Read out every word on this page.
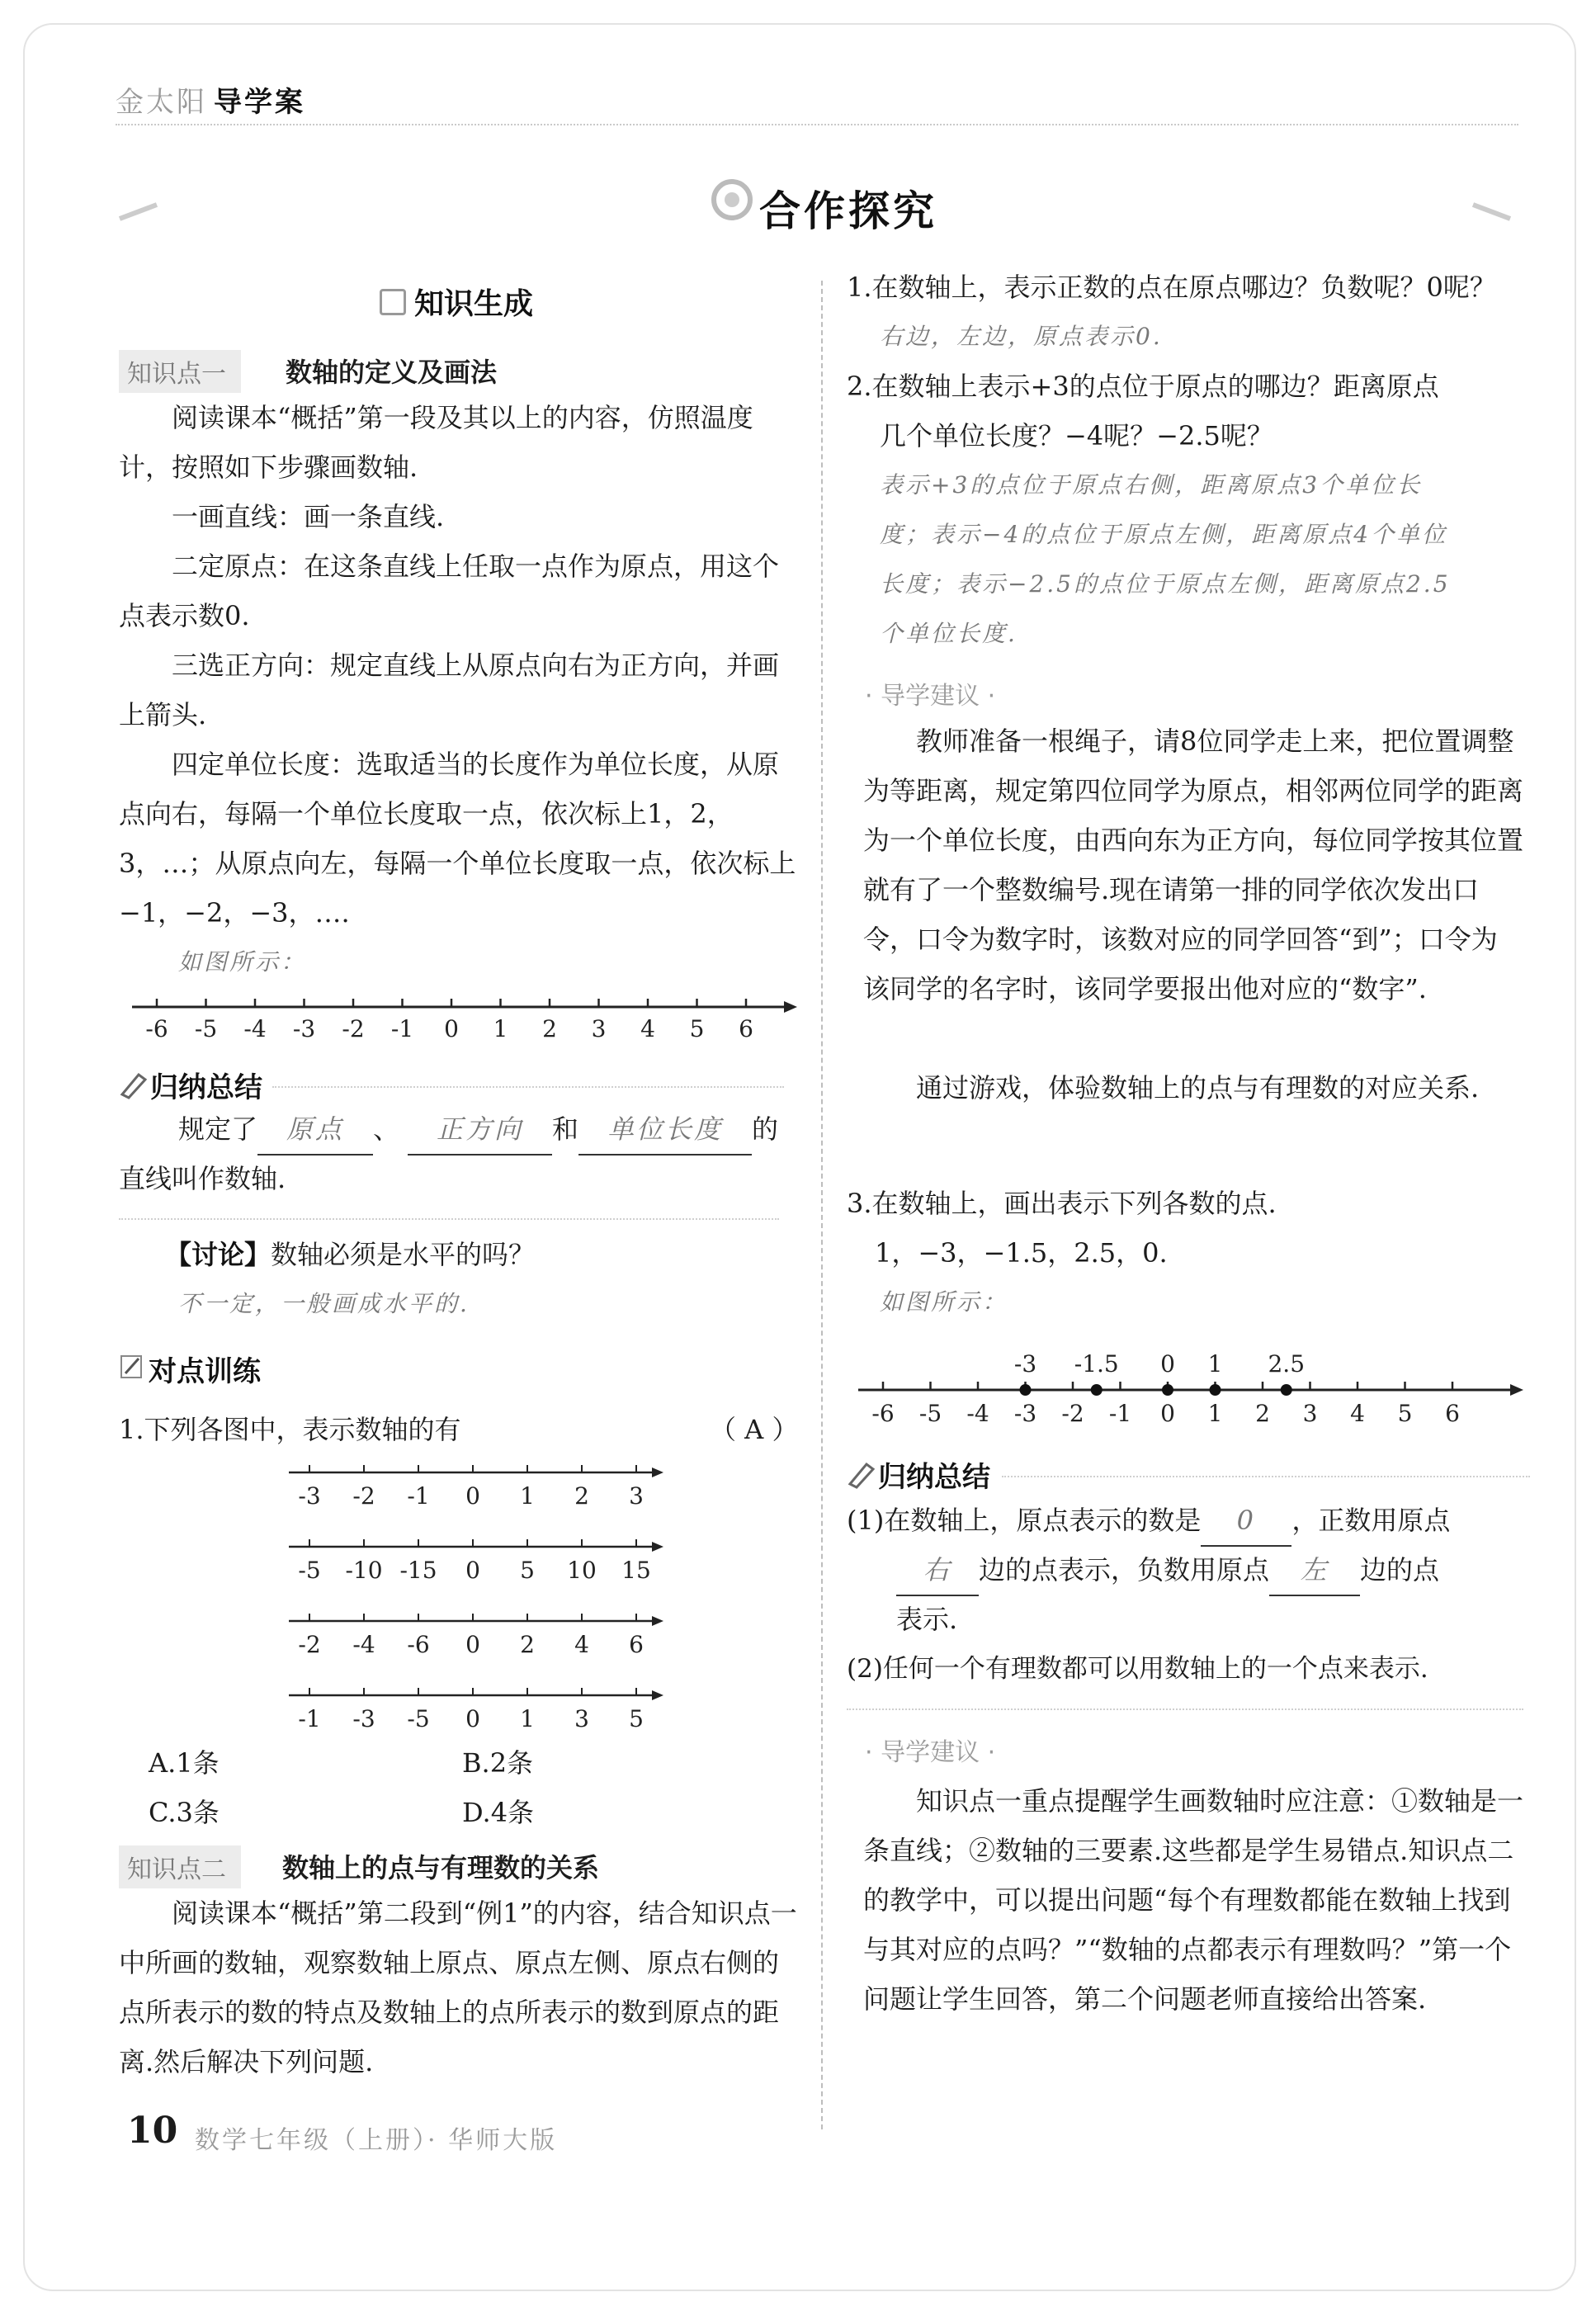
金太阳 导学案
合作探究
知识生成
知识点一	数轴的定义及画法
阅读课本“概括”第一段及其以上的内容，仿照温度计，按照如下步骤画数轴.
一画直线：画一条直线.
二定原点：在这条直线上任取一点作为原点，用这个点表示数0.
三选正方向：规定直线上从原点向右为正方向，并画上箭头.
四定单位长度：选取适当的长度作为单位长度，从原点向右，每隔一个单位长度取一点，依次标上1，2，3，…；从原点向左，每隔一个单位长度取一点，依次标上−1，−2，−3，….
如图所示：
-6 -5 -4 -3 -2 -1 0 1 2 3 4 5 6
归纳总结
规定了 原点 、 正方向 和 单位长度 的
直线叫作数轴.
【讨论】数轴必须是水平的吗？
不一定，一般画成水平的.
对点训练
1.下列各图中，表示数轴的有	（ A ）
-3 -2 -1 0 1 2 3
-5 -10 -15 0 5 10 15
-2 -4 -6 0 2 4 6
-1 -3 -5 0 1 3 5
A.1条	B.2条
C.3条	D.4条
知识点二	数轴上的点与有理数的关系
阅读课本“概括”第二段到“例1”的内容，结合知识点一中所画的数轴，观察数轴上原点、原点左侧、原点右侧的点所表示的数的特点及数轴上的点所表示的数到原点的距离.然后解决下列问题.
1.在数轴上，表示正数的点在原点哪边？负数呢？0呢？
右边，左边，原点表示0.
2.在数轴上表示+3的点位于原点的哪边？距离原点
几个单位长度？−4呢？−2.5呢？
表示+3的点位于原点右侧，距离原点3个单位长
度；表示−4的点位于原点左侧，距离原点4个单位
长度；表示−2.5的点位于原点左侧，距离原点2.5
个单位长度.
· 导学建议 ·
教师准备一根绳子，请8位同学走上来，把位置调整为等距离，规定第四位同学为原点，相邻两位同学的距离为一个单位长度，由西向东为正方向，每位同学按其位置就有了一个整数编号.现在请第一排的同学依次发出口令，口令为数字时，该数对应的同学回答“到”；口令为该同学的名字时，该同学要报出他对应的“数字”.
通过游戏，体验数轴上的点与有理数的对应关系.
3.在数轴上，画出表示下列各数的点.
1，−3，−1.5，2.5，0.
如图所示：
-6 -5 -4 -3 -2 -1 0 1 2 3 4 5 6
-3 -1.5 0 1 2.5
归纳总结
(1)在数轴上，原点表示的数是 0 ，正数用原点
右 边的点表示，负数用原点 左 边的点
表示.
(2)任何一个有理数都可以用数轴上的一个点来表示.
· 导学建议 ·
知识点一重点提醒学生画数轴时应注意：①数轴是一条直线；②数轴的三要素.这些都是学生易错点.知识点二的教学中，可以提出问题“每个有理数都能在数轴上找到与其对应的点吗？”“数轴的点都表示有理数吗？”第一个问题让学生回答，第二个问题老师直接给出答案.
10 数学七年级（上册）· 华师大版
